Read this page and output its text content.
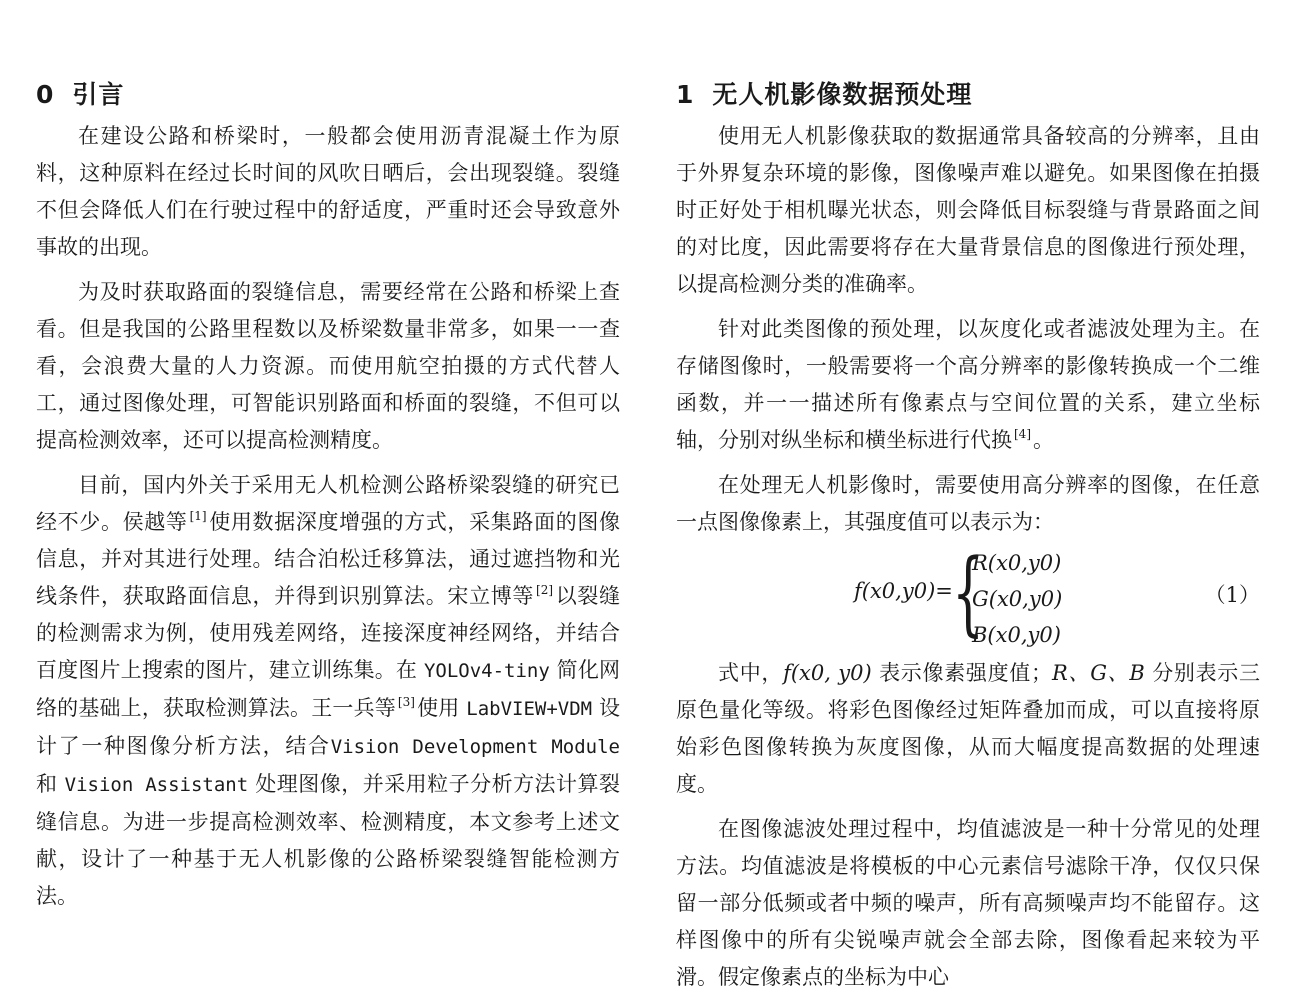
0 引言

在建设公路和桥梁时，一般都会使用沥青混凝土作为原料，这种原料在经过长时间的风吹日晒后，会出现裂缝。裂缝不但会降低人们在行驶过程中的舒适度，严重时还会导致意外事故的出现。

为及时获取路面的裂缝信息，需要经常在公路和桥梁上查看。但是我国的公路里程数以及桥梁数量非常多，如果一一查看，会浪费大量的人力资源。而使用航空拍摄的方式代替人工，通过图像处理，可智能识别路面和桥面的裂缝，不但可以提高检测效率，还可以提高检测精度。

目前，国内外关于采用无人机检测公路桥梁裂缝的研究已经不少。侯越等 [1]使用数据深度增强的方式，采集路面的图像信息，并对其进行处理。结合泊松迁移算法，通过遮挡物和光线条件，获取路面信息，并得到识别算法。宋立博等 [2]以裂缝的检测需求为例，使用残差网络，连接深度神经网络，并结合百度图片上搜索的图片，建立训练集。在 YOLOv4-tiny 简化网络的基础上，获取检测算法。王一兵等 [3]使用 LabVIEW+VDM 设计了一种图像分析方法，结合Vision Development Module 和 Vision Assistant 处理图像，并采用粒子分析方法计算裂缝信息。为进一步提高检测效率、检测精度，本文参考上述文献，设计了一种基于无人机影像的公路桥梁裂缝智能检测方法。

1 无人机影像数据预处理

使用无人机影像获取的数据通常具备较高的分辨率，且由于外界复杂环境的影像，图像噪声难以避免。如果图像在拍摄时正好处于相机曝光状态，则会降低目标裂缝与背景路面之间的对比度，因此需要将存在大量背景信息的图像进行预处理，以提高检测分类的准确率。

针对此类图像的预处理，以灰度化或者滤波处理为主。在存储图像时，一般需要将一个高分辨率的影像转换成一个二维函数，并一一描述所有像素点与空间位置的关系，建立坐标轴，分别对纵坐标和横坐标进行代换 [4]。

在处理无人机影像时，需要使用高分辨率的图像，在任意一点图像像素上，其强度值可以表示为：

f(x0,y0)= {
R(x0,y0)
G(x0,y0)
B(x0,y0)
（1）

式中，f(x0, y0) 表示像素强度值；R、G、B 分别表示三原色量化等级。将彩色图像经过矩阵叠加而成，可以直接将原始彩色图像转换为灰度图像，从而大幅度提高数据的处理速度。

在图像滤波处理过程中，均值滤波是一种十分常见的处理方法。均值滤波是将模板的中心元素信号滤除干净，仅仅只保留一部分低频或者中频的噪声，所有高频噪声均不能留存。这样图像中的所有尖锐噪声就会全部去除，图像看起来较为平滑。假定像素点的坐标为中心
